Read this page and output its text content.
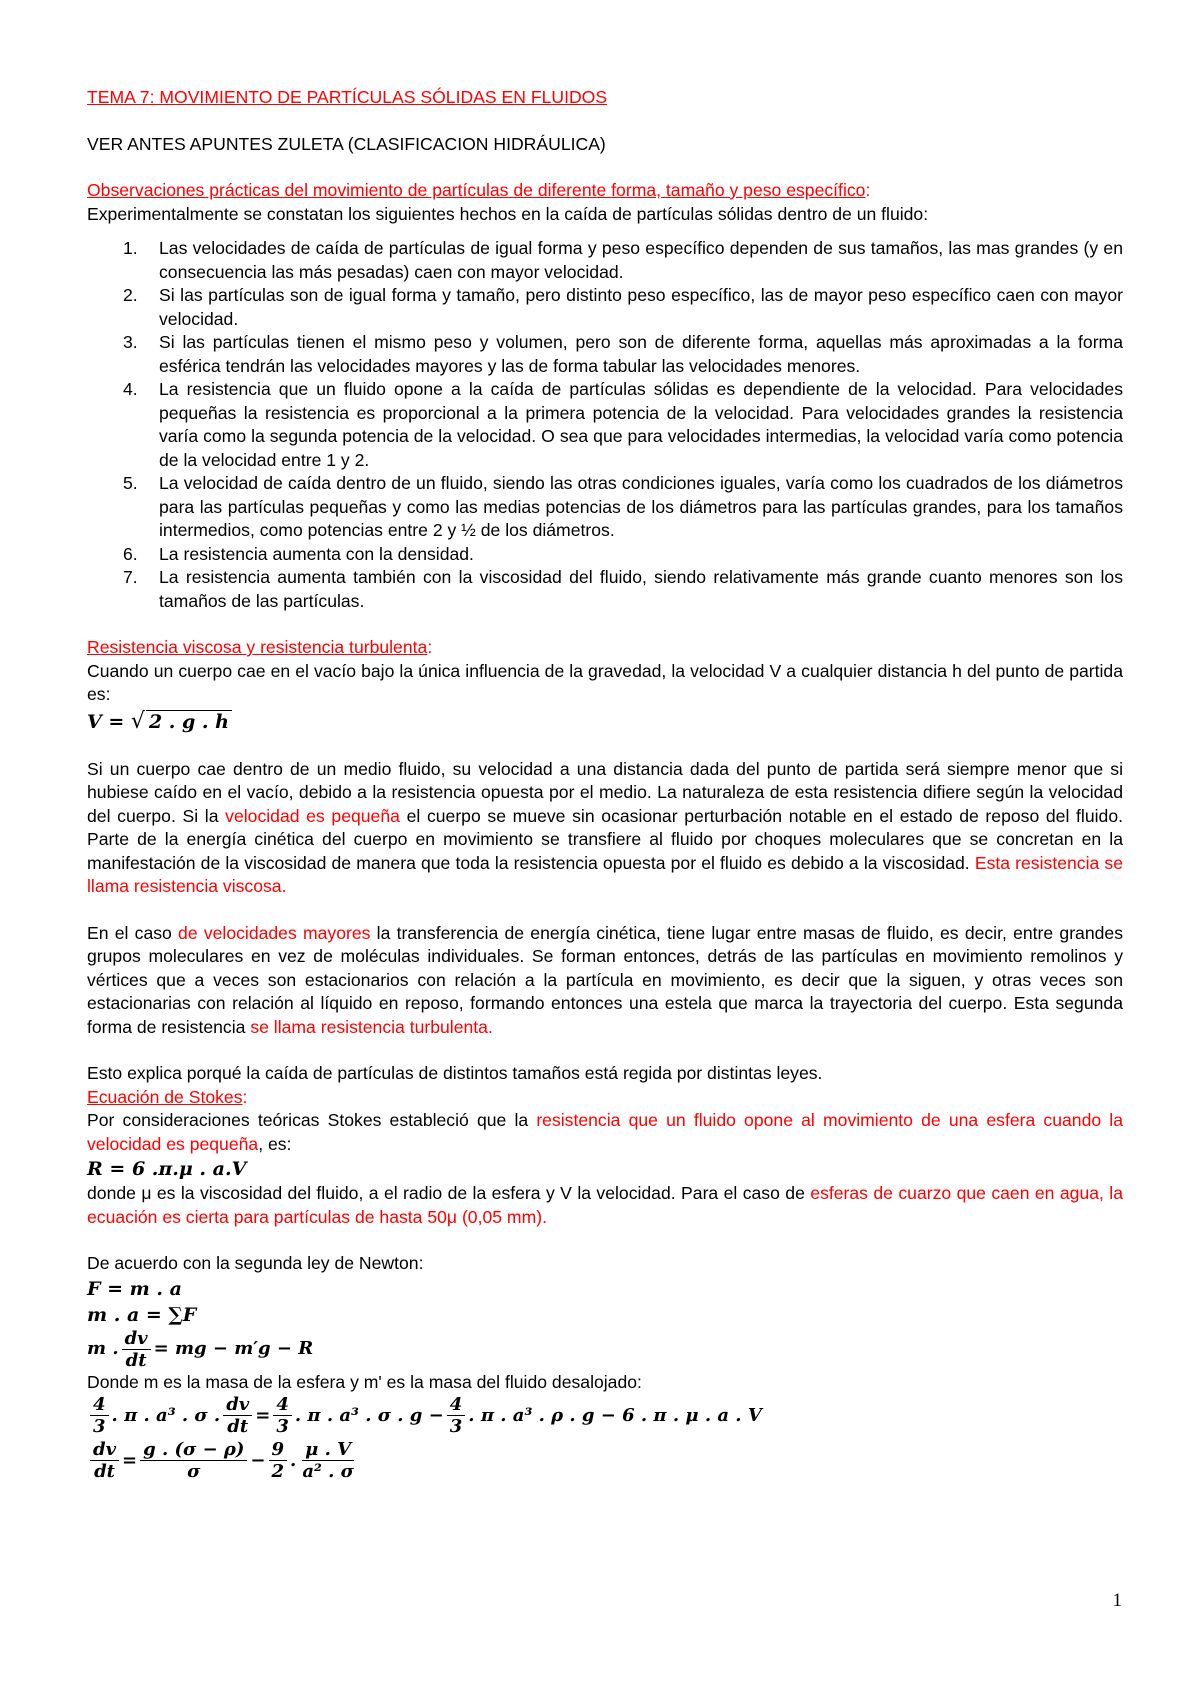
TEMA 7: MOVIMIENTO DE PARTÍCULAS SÓLIDAS EN FLUIDOS

VER ANTES APUNTES ZULETA (CLASIFICACION HIDRÁULICA)

Observaciones prácticas del movimiento de partículas de diferente forma, tamaño y peso específico:

Experimentalmente se constatan los siguientes hechos en la caída de partículas sólidas dentro de un fluido:

1. Las velocidades de caída de partículas de igual forma y peso específico dependen de sus tamaños, las mas grandes (y en consecuencia las más pesadas) caen con mayor velocidad.
2. Si las partículas son de igual forma y tamaño, pero distinto peso específico, las de mayor peso específico caen con mayor velocidad.
3. Si las partículas tienen el mismo peso y volumen, pero son de diferente forma, aquellas más aproximadas a la forma esférica tendrán las velocidades mayores y las de forma tabular las velocidades menores.
4. La resistencia que un fluido opone a la caída de partículas sólidas es dependiente de la velocidad. Para velocidades pequeñas la resistencia es proporcional a la primera potencia de la velocidad. Para velocidades grandes la resistencia varía como la segunda potencia de la velocidad. O sea que para velocidades intermedias, la velocidad varía como potencia de la velocidad entre 1 y 2.
5. La velocidad de caída dentro de un fluido, siendo las otras condiciones iguales, varía como los cuadrados de los diámetros para las partículas pequeñas y como las medias potencias de los diámetros para las partículas grandes, para los tamaños intermedios, como potencias entre 2 y ½ de los diámetros.
6. La resistencia aumenta con la densidad.
7. La resistencia aumenta también con la viscosidad del fluido, siendo relativamente más grande cuanto menores son los tamaños de las partículas.

Resistencia viscosa y resistencia turbulenta:

Cuando un cuerpo cae en el vacío bajo la única influencia de la gravedad, la velocidad V a cualquier distancia h del punto de partida es:

V = √ 2 . g . h

Si un cuerpo cae dentro de un medio fluido, su velocidad a una distancia dada del punto de partida será siempre menor que si hubiese caído en el vacío, debido a la resistencia opuesta por el medio. La naturaleza de esta resistencia difiere según la velocidad del cuerpo. Si la velocidad es pequeña el cuerpo se mueve sin ocasionar perturbación notable en el estado de reposo del fluido. Parte de la energía cinética del cuerpo en movimiento se transfiere al fluido por choques moleculares que se concretan en la manifestación de la viscosidad de manera que toda la resistencia opuesta por el fluido es debido a la viscosidad. Esta resistencia se llama resistencia viscosa.

En el caso de velocidades mayores la transferencia de energía cinética, tiene lugar entre masas de fluido, es decir, entre grandes grupos moleculares en vez de moléculas individuales. Se forman entonces, detrás de las partículas en movimiento remolinos y vértices que a veces son estacionarios con relación a la partícula en movimiento, es decir que la siguen, y otras veces son estacionarias con relación al líquido en reposo, formando entonces una estela que marca la trayectoria del cuerpo. Esta segunda forma de resistencia se llama resistencia turbulenta.

Esto explica porqué la caída de partículas de distintos tamaños está regida por distintas leyes.

Ecuación de Stokes:

Por consideraciones teóricas Stokes estableció que la resistencia que un fluido opone al movimiento de una esfera cuando la velocidad es pequeña, es:

R = 6 .π.μ . a.V

donde μ es la viscosidad del fluido, a el radio de la esfera y V la velocidad. Para el caso de esferas de cuarzo que caen en agua, la ecuación es cierta para partículas de hasta 50μ (0,05 mm).

De acuerdo con la segunda ley de Newton:

F = m . a
m . a = ∑F
m . $\frac{dv}{dt}$ = mg − m′g − R

Donde m es la masa de la esfera y m' es la masa del fluido desalojado:

$\frac{4}{3}$ . π . a³ . σ . $\frac{dv}{dt} = \frac{4}{3}$ . π . a³ . σ . $g - \frac{4}{3}$ . π . a³ . ρ . g − 6 . π . μ . a . V
$\frac{dv}{dt} = \frac{g . (\sigma - \rho)}{\sigma} - \frac{9}{2}$ . $\frac{\mu . V}{\text{a² . σ}}$
1
